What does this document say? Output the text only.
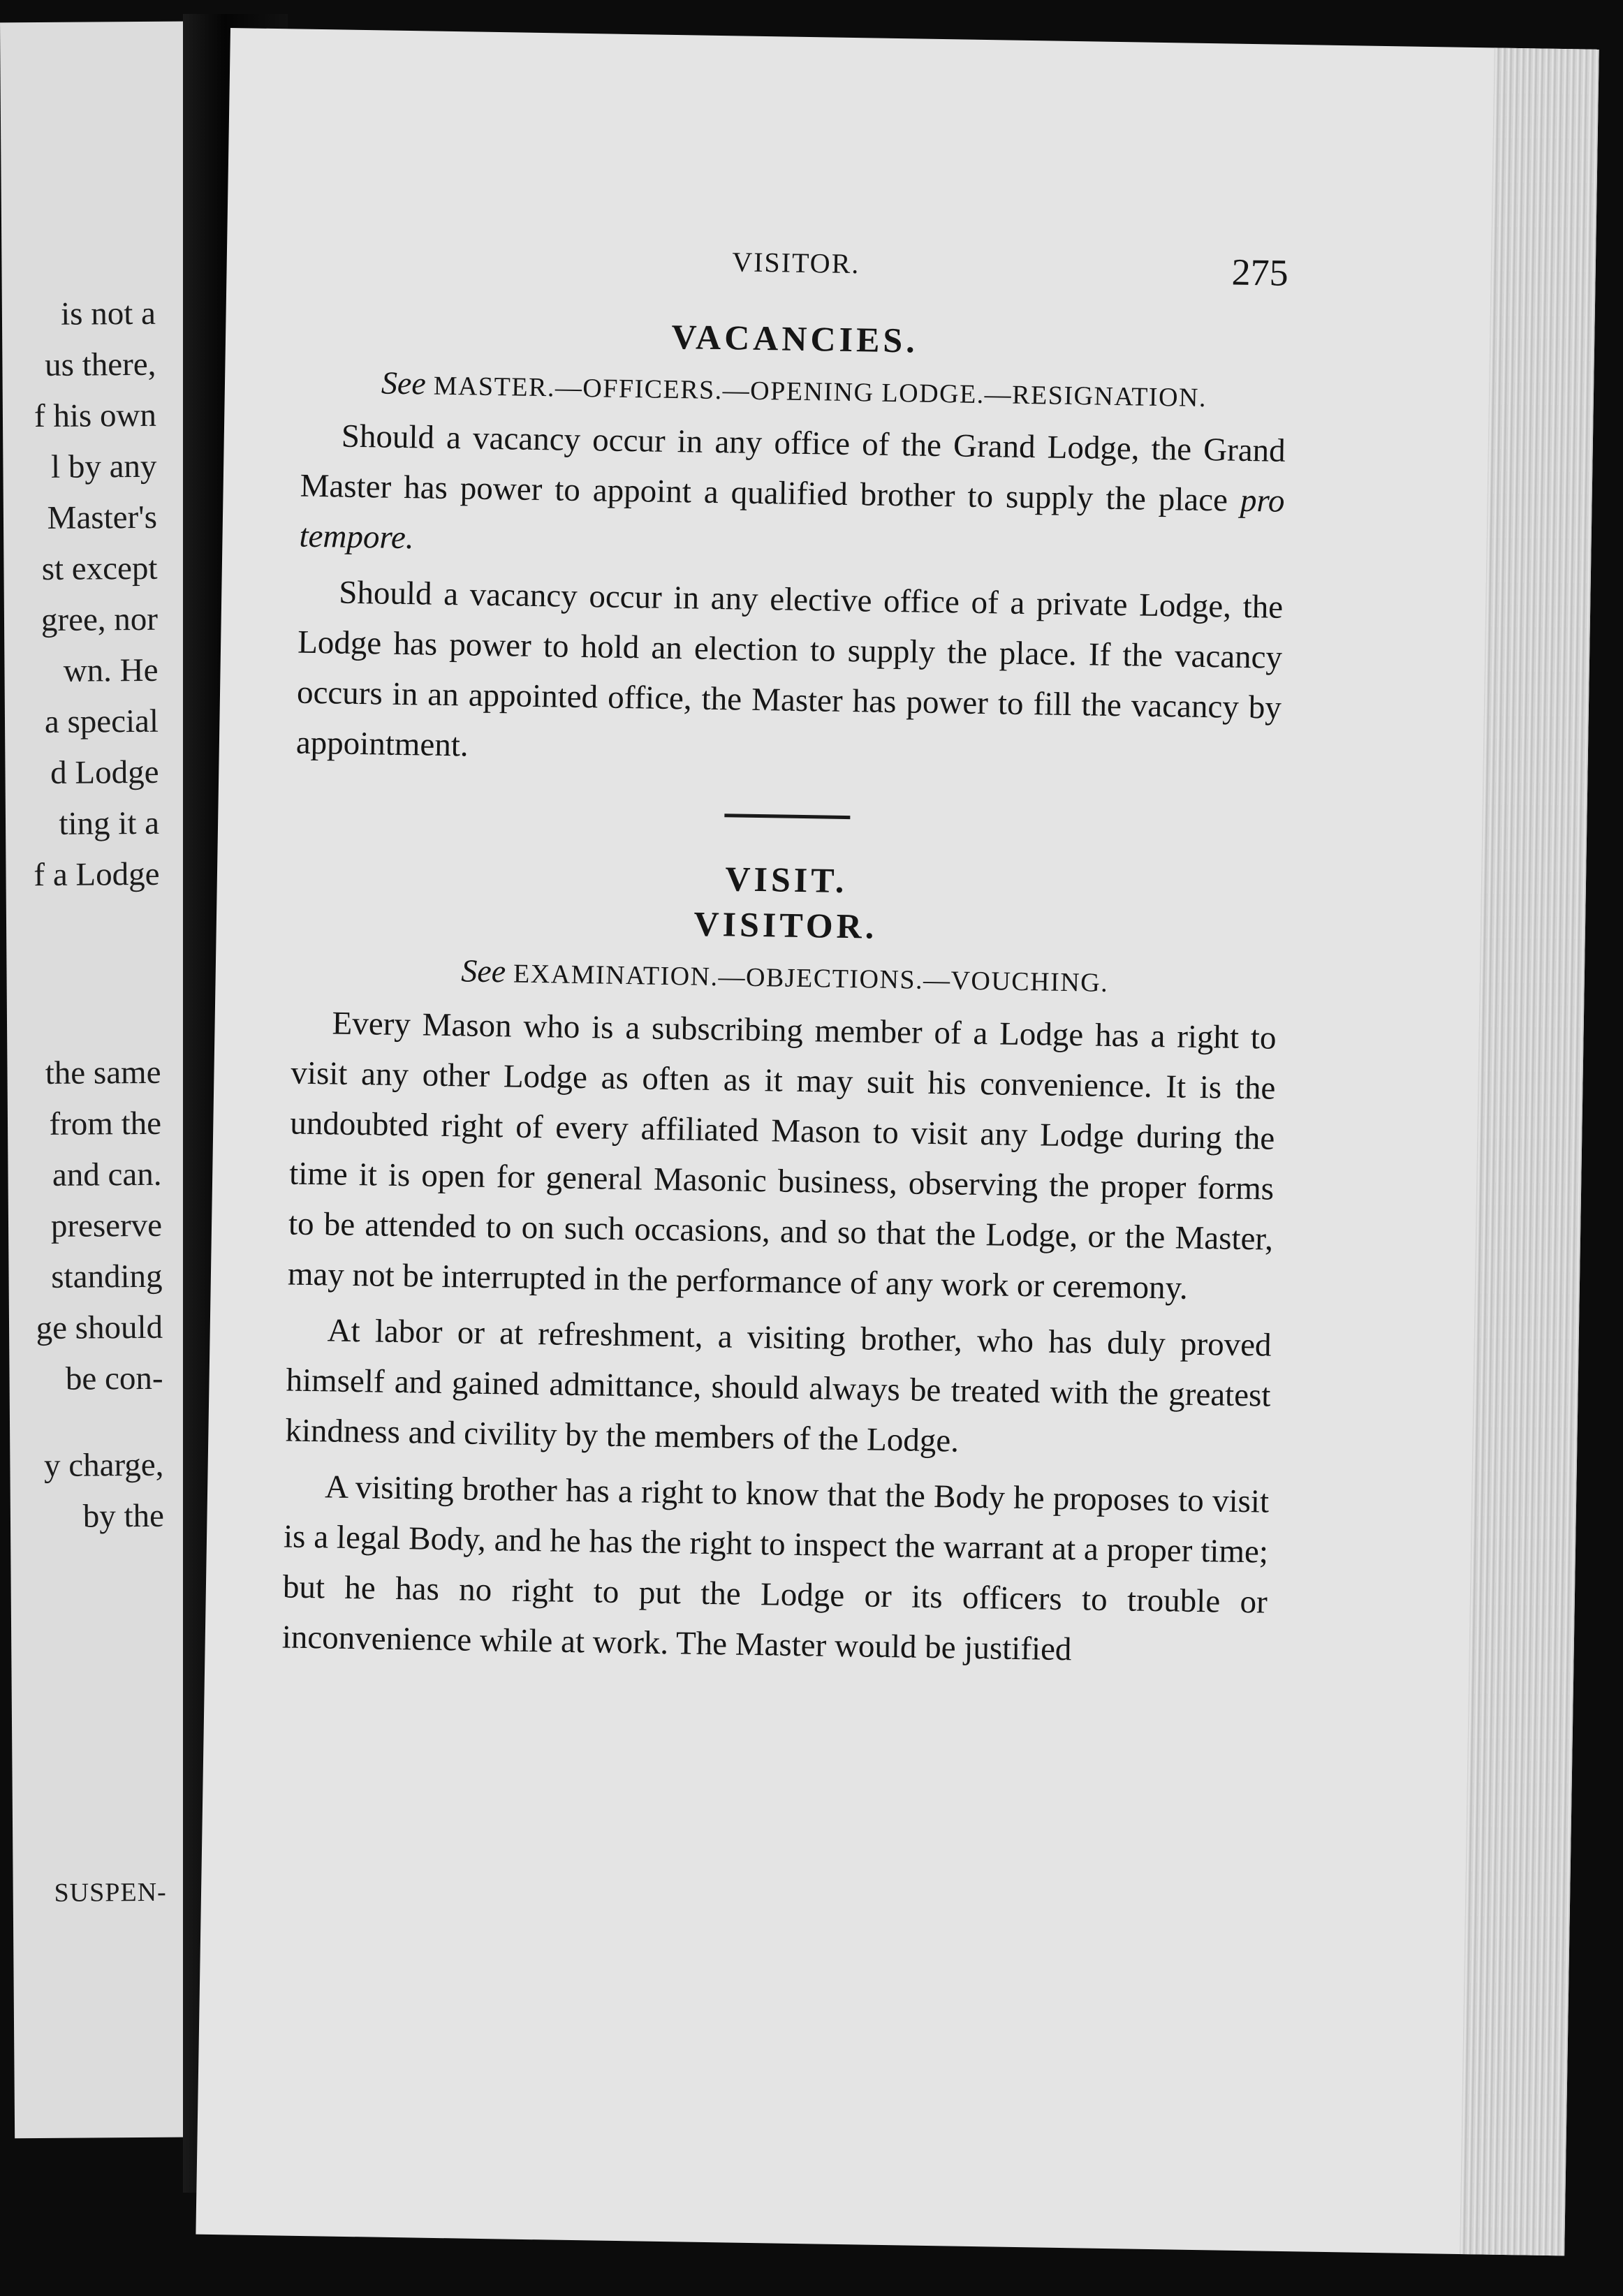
is not a
us there,
f his own
l by any
Master's
st except
gree, nor
wn. He
a special
d Lodge
ting it a
f a Lodge
the same
from the
and can.
preserve
standing
ge should
be con-
y charge,
by the
SUSPEN-
VISITOR.	275
VACANCIES.

See MASTER.—OFFICERS.—OPENING LODGE.—RESIGNATION.

Should a vacancy occur in any office of the Grand Lodge, the Grand Master has power to appoint a qualified brother to supply the place pro tempore.

Should a vacancy occur in any elective office of a private Lodge, the Lodge has power to hold an election to supply the place. If the vacancy occurs in an appointed office, the Master has power to fill the vacancy by appointment.

VISIT.
VISITOR.

See EXAMINATION.—OBJECTIONS.—VOUCHING.

Every Mason who is a subscribing member of a Lodge has a right to visit any other Lodge as often as it may suit his convenience. It is the undoubted right of every affiliated Mason to visit any Lodge during the time it is open for general Masonic business, observing the proper forms to be attended to on such occasions, and so that the Lodge, or the Master, may not be interrupted in the performance of any work or ceremony.

At labor or at refreshment, a visiting brother, who has duly proved himself and gained admittance, should always be treated with the greatest kindness and civility by the members of the Lodge.

A visiting brother has a right to know that the Body he proposes to visit is a legal Body, and he has the right to inspect the warrant at a proper time; but he has no right to put the Lodge or its officers to trouble or inconvenience while at work. The Master would be justified
